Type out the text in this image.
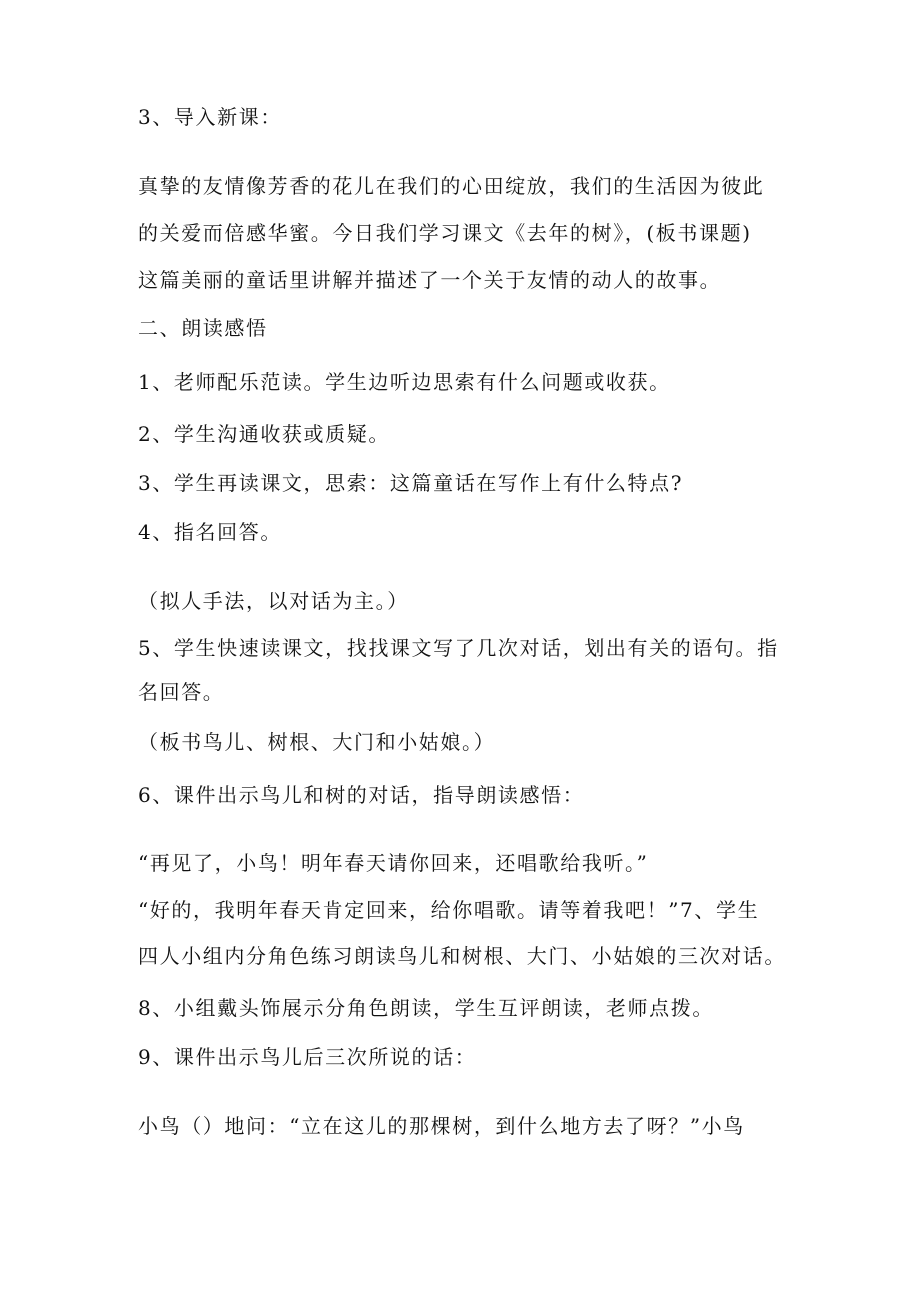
3、导入新课：
真挚的友情像芳香的花儿在我们的心田绽放，我们的生活因为彼此
的关爱而倍感华蜜。今日我们学习课文《去年的树》，(板书课题)
这篇美丽的童话里讲解并描述了一个关于友情的动人的故事。
二、朗读感悟
1、老师配乐范读。学生边听边思索有什么问题或收获。
2、学生沟通收获或质疑。
3、学生再读课文，思索：这篇童话在写作上有什么特点?
4、指名回答。
（拟人手法，以对话为主。）
5、学生快速读课文，找找课文写了几次对话，划出有关的语句。指
名回答。
（板书鸟儿、树根、大门和小姑娘。）
6、课件出示鸟儿和树的对话，指导朗读感悟：
“再见了，小鸟！明年春天请你回来，还唱歌给我听。”
“好的，我明年春天肯定回来，给你唱歌。请等着我吧！”7、学生
四人小组内分角色练习朗读鸟儿和树根、大门、小姑娘的三次对话。
8、小组戴头饰展示分角色朗读，学生互评朗读，老师点拨。
9、课件出示鸟儿后三次所说的话：
小鸟（）地问：“立在这儿的那棵树，到什么地方去了呀？”小鸟
